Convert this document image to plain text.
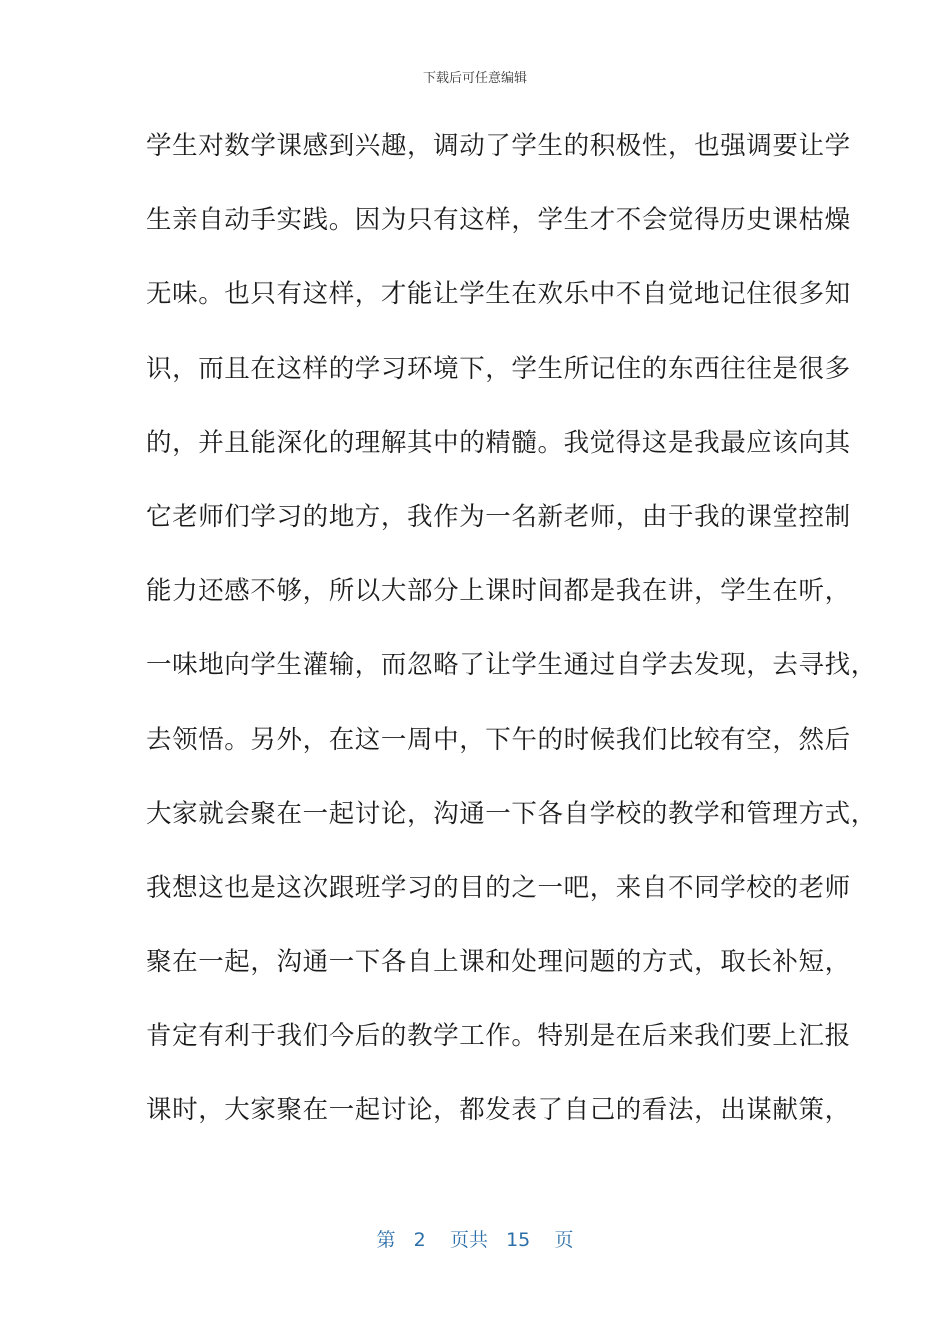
下载后可任意编辑
学生对数学课感到兴趣，调动了学生的积极性，也强调要让学
生亲自动手实践。因为只有这样，学生才不会觉得历史课枯燥
无味。也只有这样，才能让学生在欢乐中不自觉地记住很多知
识，而且在这样的学习环境下，学生所记住的东西往往是很多
的，并且能深化的理解其中的精髓。我觉得这是我最应该向其
它老师们学习的地方，我作为一名新老师，由于我的课堂控制
能力还感不够，所以大部分上课时间都是我在讲，学生在听，
一味地向学生灌输，而忽略了让学生通过自学去发现，去寻找，
去领悟。另外，在这一周中，下午的时候我们比较有空，然后
大家就会聚在一起讨论，沟通一下各自学校的教学和管理方式，
我想这也是这次跟班学习的目的之一吧，来自不同学校的老师
聚在一起，沟通一下各自上课和处理问题的方式，取长补短，
肯定有利于我们今后的教学工作。特别是在后来我们要上汇报
课时，大家聚在一起讨论，都发表了自己的看法，出谋献策，
第 2 页共 15 页
